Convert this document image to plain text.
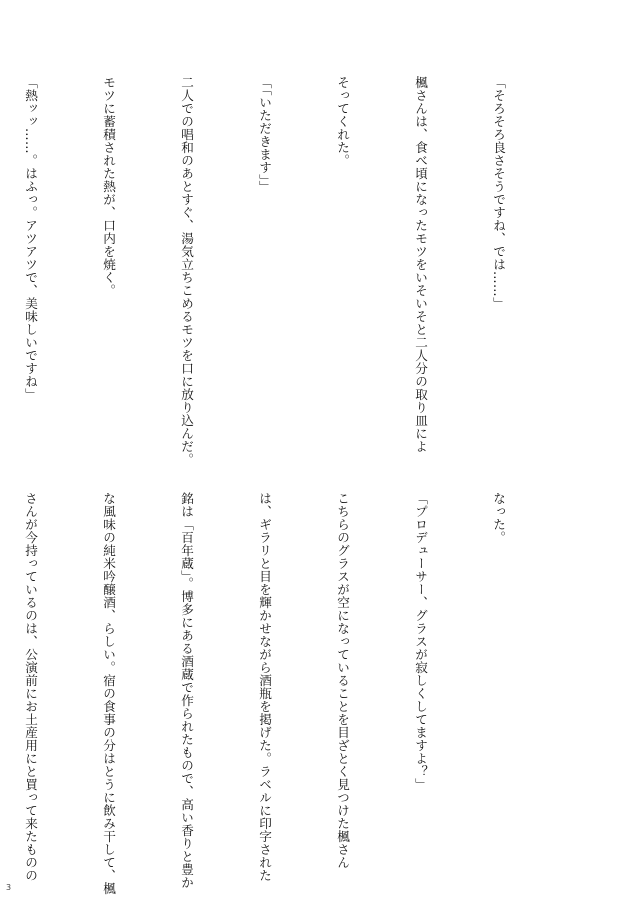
「そろそろ良さそうですね、では……」

楓さんは、食べ頃になったモツをいそいそと二人分の取り皿によ

そってくれた。

「「いただきます」」

二人での唱和のあとすぐ、湯気立ちこめるモツを口に放り込んだ。

モツに蓄積された熱が、口内を焼く。

「熱ッッ……。はふっ。アツアツで、美味しいですね」

なった。

「プロデューサー、グラスが寂しくしてますよ？」

こちらのグラスが空になっていることを目ざとく見つけた楓さん

は、ギラリと目を輝かせながら酒瓶を掲げた。ラベルに印字された

銘は「百年蔵」。博多にある酒蔵で作られたもので、高い香りと豊か

な風味の純米吟醸酒、らしい。宿の食事の分はとうに飲み干して、楓

さんが今持っているのは、公演前にお土産用にと買って来たものの

3
